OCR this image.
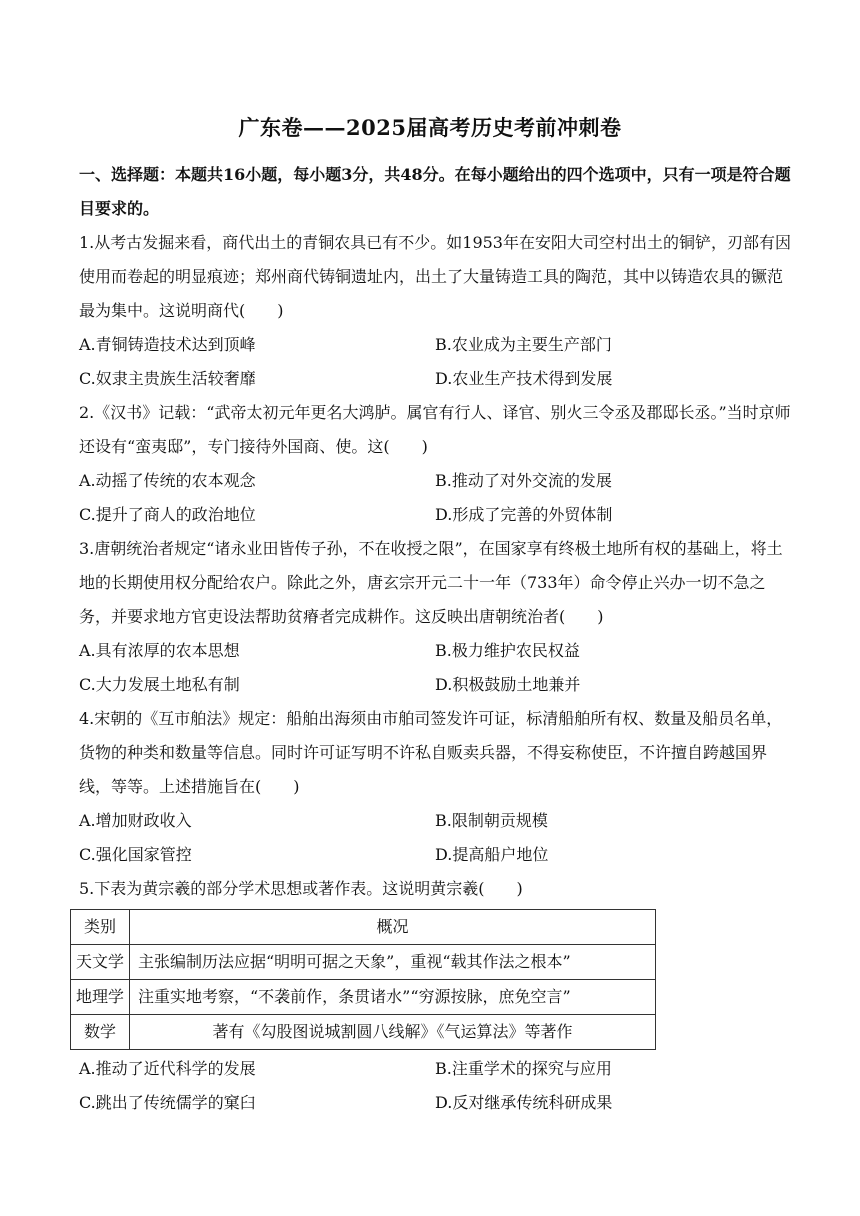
广东卷——2025届高考历史考前冲刺卷
一、选择题：本题共16小题，每小题3分，共48分。在每小题给出的四个选项中，只有一项是符合题目要求的。

1.从考古发掘来看，商代出土的青铜农具已有不少。如1953年在安阳大司空村出土的铜铲，刃部有因使用而卷起的明显痕迹；郑州商代铸铜遗址内，出土了大量铸造工具的陶范，其中以铸造农具的镢范最为集中。这说明商代(　　)

A.青铜铸造技术达到顶峰	B.农业成为主要生产部门
C.奴隶主贵族生活较奢靡	D.农业生产技术得到发展

2.《汉书》记载：“武帝太初元年更名大鸿胪。属官有行人、译官、别火三令丞及郡邸长丞。”当时京师还设有“蛮夷邸”，专门接待外国商、使。这(　　)

A.动摇了传统的农本观念	B.推动了对外交流的发展
C.提升了商人的政治地位	D.形成了完善的外贸体制

3.唐朝统治者规定“诸永业田皆传子孙，不在收授之限”，在国家享有终极土地所有权的基础上，将土地的长期使用权分配给农户。除此之外，唐玄宗开元二十一年（733年）命令停止兴办一切不急之务，并要求地方官吏设法帮助贫瘠者完成耕作。这反映出唐朝统治者(　　)

A.具有浓厚的农本思想	B.极力维护农民权益
C.大力发展土地私有制	D.积极鼓励土地兼并

4.宋朝的《互市舶法》规定：船舶出海须由市舶司签发许可证，标清船舶所有权、数量及船员名单，货物的种类和数量等信息。同时许可证写明不许私自贩卖兵器，不得妄称使臣，不许擅自跨越国界线，等等。上述措施旨在(　　)

A.增加财政收入	B.限制朝贡规模
C.强化国家管控	D.提高船户地位

5.下表为黄宗羲的部分学术思想或著作表。这说明黄宗羲(　　)

类别	概况
天文学	主张编制历法应据“明明可据之天象”，重视“载其作法之根本”
地理学	注重实地考察，“不袭前作，条贯诸水”“穷源按脉，庶免空言”
数学	著有《勾股图说城割圆八线解》《气运算法》等著作
A.推动了近代科学的发展	B.注重学术的探究与应用
C.跳出了传统儒学的窠臼	D.反对继承传统科研成果
